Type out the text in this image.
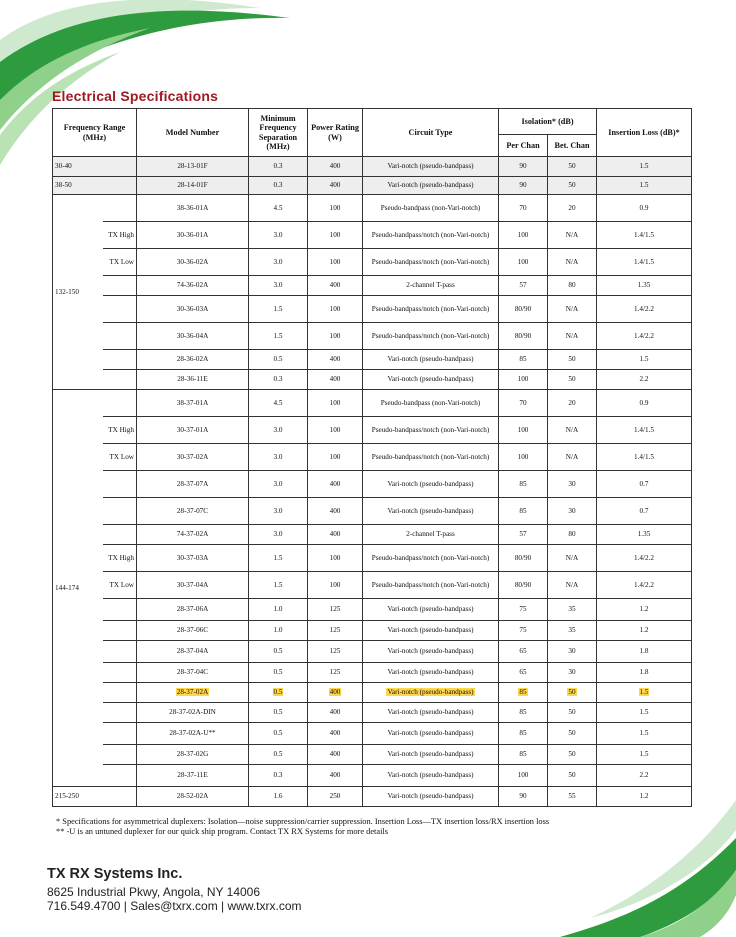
Electrical Specifications
Frequency Range (MHz)		Model Number	Minimum Frequency Separation (MHz)	Power Rating (W)	Circuit Type	Isolation* (dB)		Insertion Loss (dB)*
						Per Chan	Bet. Chan	
30-40		28-13-01F	0.3	400	Vari-notch (pseudo-bandpass)	90	50	1.5
38-50		28-14-01F	0.3	400	Vari-notch (pseudo-bandpass)	90	50	1.5
132-150		38-36-01A	4.5	100	Pseudo-bandpass (non-Vari-notch)	70	20	0.9
	TX High	30-36-01A	3.0	100	Pseudo-bandpass/notch (non-Vari-notch)	100	N/A	1.4/1.5
	TX Low	30-36-02A	3.0	100	Pseudo-bandpass/notch (non-Vari-notch)	100	N/A	1.4/1.5
		74-36-02A	3.0	400	2-channel T-pass	57	80	1.35
		30-36-03A	1.5	100	Pseudo-bandpass/notch (non-Vari-notch)	80/90	N/A	1.4/2.2
		30-36-04A	1.5	100	Pseudo-bandpass/notch (non-Vari-notch)	80/90	N/A	1.4/2.2
		28-36-02A	0.5	400	Vari-notch (pseudo-bandpass)	85	50	1.5
		28-36-11E	0.3	400	Vari-notch (pseudo-bandpass)	100	50	2.2
144-174		38-37-01A	4.5	100	Pseudo-bandpass (non-Vari-notch)	70	20	0.9
	TX High	30-37-01A	3.0	100	Pseudo-bandpass/notch (non-Vari-notch)	100	N/A	1.4/1.5
	TX Low	30-37-02A	3.0	100	Pseudo-bandpass/notch (non-Vari-notch)	100	N/A	1.4/1.5
		28-37-07A	3.0	400	Vari-notch (pseudo-bandpass)	85	30	0.7
		28-37-07C	3.0	400	Vari-notch (pseudo-bandpass)	85	30	0.7
		74-37-02A	3.0	400	2-channel T-pass	57	80	1.35
	TX High	30-37-03A	1.5	100	Pseudo-bandpass/notch (non-Vari-notch)	80/90	N/A	1.4/2.2
	TX Low	30-37-04A	1.5	100	Pseudo-bandpass/notch (non-Vari-notch)	80/90	N/A	1.4/2.2
		28-37-06A	1.0	125	Vari-notch (pseudo-bandpass)	75	35	1.2
		28-37-06C	1.0	125	Vari-notch (pseudo-bandpass)	75	35	1.2
		28-37-04A	0.5	125	Vari-notch (pseudo-bandpass)	65	30	1.8
		28-37-04C	0.5	125	Vari-notch (pseudo-bandpass)	65	30	1.8
		28-37-02A	0.5	400	Vari-notch (pseudo-bandpass)	85	50	1.5
		28-37-02A-DIN	0.5	400	Vari-notch (pseudo-bandpass)	85	50	1.5
		28-37-02A-U**	0.5	400	Vari-notch (pseudo-bandpass)	85	50	1.5
		28-37-02G	0.5	400	Vari-notch (pseudo-bandpass)	85	50	1.5
		28-37-11E	0.3	400	Vari-notch (pseudo-bandpass)	100	50	2.2
215-250		28-52-02A	1.6	250	Vari-notch (pseudo-bandpass)	90	55	1.2
* Specifications for asymmetrical duplexers: Isolation—noise suppression/carrier suppression. Insertion Loss—TX insertion loss/RX insertion loss
** -U is an untuned duplexer for our quick ship program. Contact TX RX Systems for more details
TX RX Systems Inc.
8625 Industrial Pkwy, Angola, NY 14006
716.549.4700 | Sales@txrx.com | www.txrx.com
